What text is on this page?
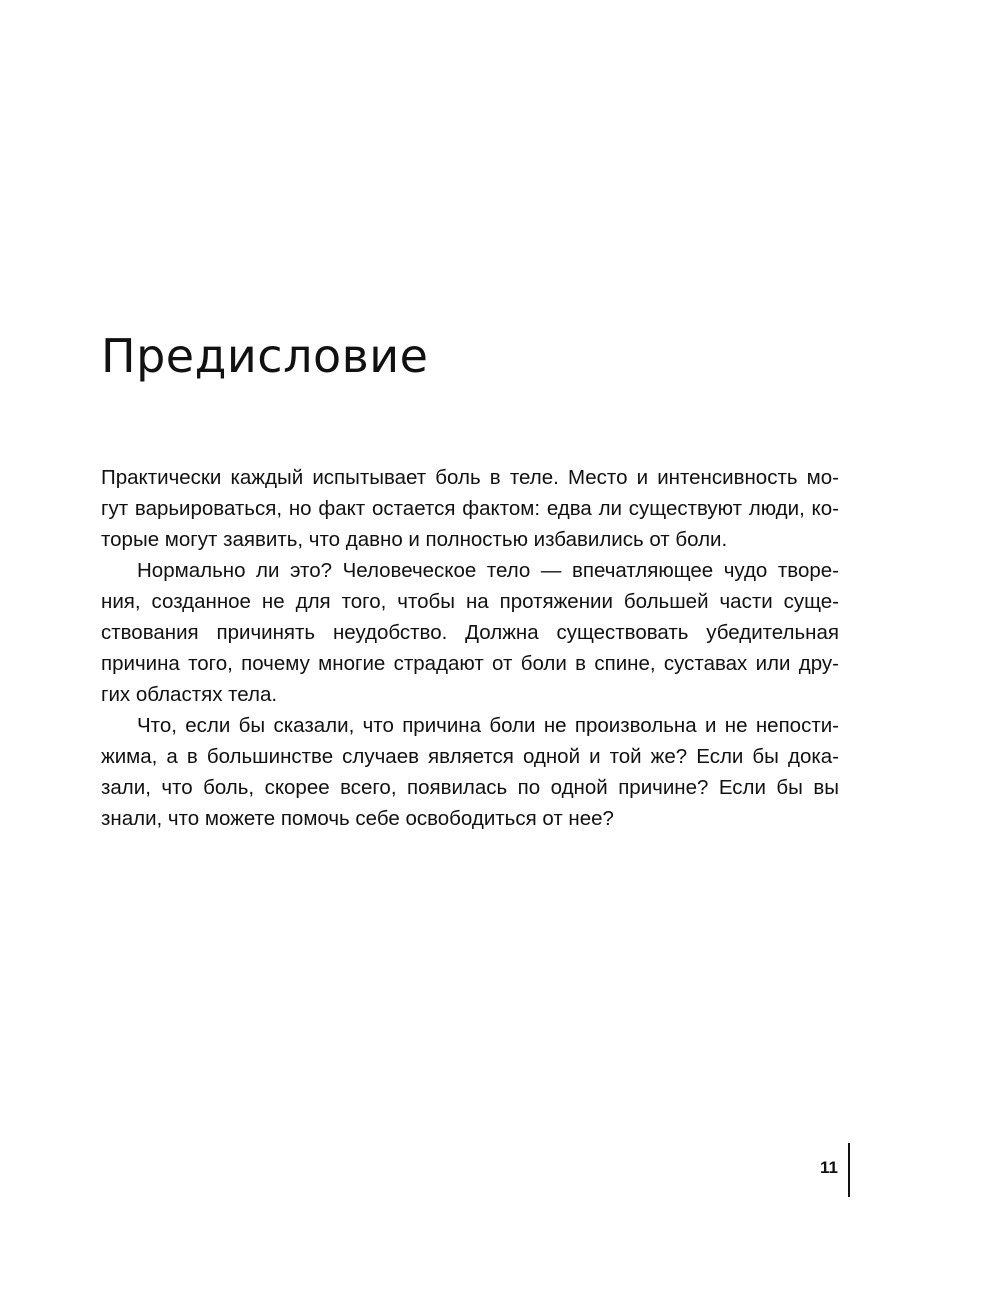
Предисловие

Практически каждый испытывает боль в теле. Место и интенсивность мо-
гут варьироваться, но факт остается фактом: едва ли существуют люди, ко-
торые могут заявить, что давно и полностью избавились от боли.

Нормально ли это? Человеческое тело — впечатляющее чудо творе-
ния, созданное не для того, чтобы на протяжении большей части суще-
ствования причинять неудобство. Должна существовать убедительная
причина того, почему многие страдают от боли в спине, суставах или дру-
гих областях тела.

Что, если бы сказали, что причина боли не произвольна и не непости-
жима, а в большинстве случаев является одной и той же? Если бы дока-
зали, что боль, скорее всего, появилась по одной причине? Если бы вы
знали, что можете помочь себе освободиться от нее?

11
